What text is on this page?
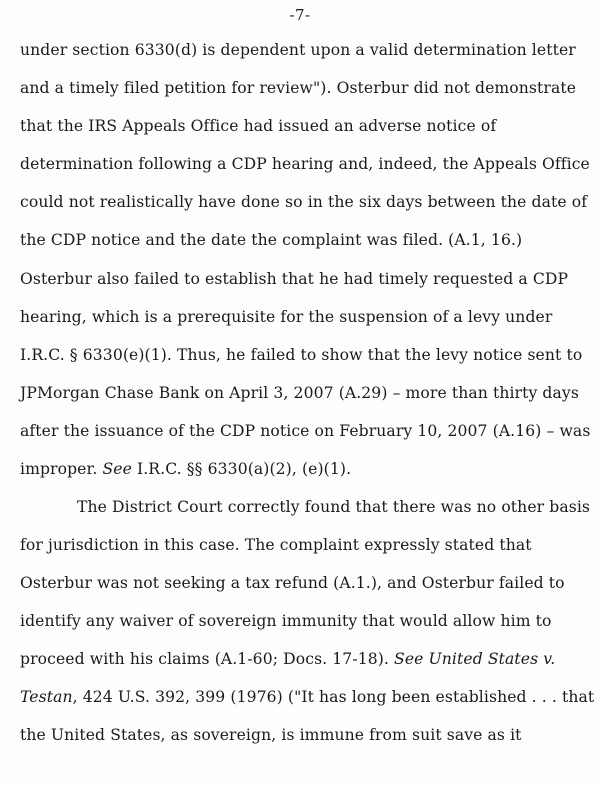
-7-
under section 6330(d) is dependent upon a valid determination letter
and a timely filed petition for review"). Osterbur did not demonstrate
that the IRS Appeals Office had issued an adverse notice of
determination following a CDP hearing and, indeed, the Appeals Office
could not realistically have done so in the six days between the date of
the CDP notice and the date the complaint was filed. (A.1, 16.)
Osterbur also failed to establish that he had timely requested a CDP
hearing, which is a prerequisite for the suspension of a levy under
I.R.C. § 6330(e)(1). Thus, he failed to show that the levy notice sent to
JPMorgan Chase Bank on April 3, 2007 (A.29) – more than thirty days
after the issuance of the CDP notice on February 10, 2007 (A.16) – was
improper. See I.R.C. §§ 6330(a)(2), (e)(1).
The District Court correctly found that there was no other basis
for jurisdiction in this case. The complaint expressly stated that
Osterbur was not seeking a tax refund (A.1.), and Osterbur failed to
identify any waiver of sovereign immunity that would allow him to
proceed with his claims (A.1-60; Docs. 17-18). See United States v.
Testan, 424 U.S. 392, 399 (1976) ("It has long been established . . . that
the United States, as sovereign, is immune from suit save as it
